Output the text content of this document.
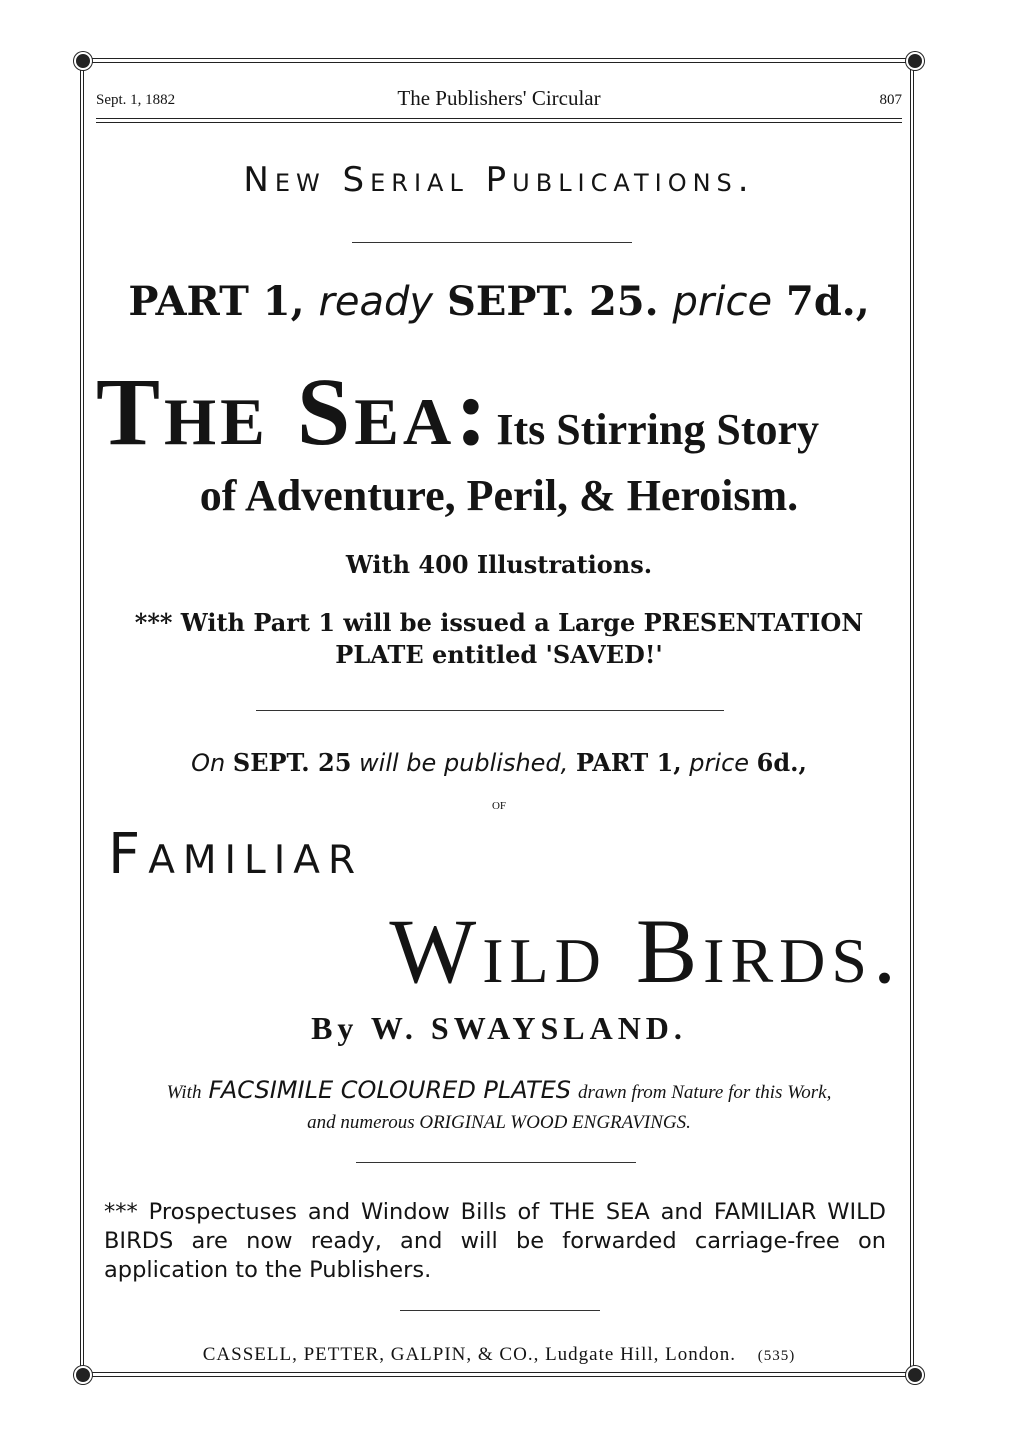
Sept. 1, 1882	The Publishers' Circular	807
New Serial Publications.
PART 1, ready SEPT. 25. price 7d.,
The Sea: Its Stirring Story
of Adventure, Peril, & Heroism.
With 400 Illustrations.
*** With Part 1 will be issued a Large PRESENTATION
PLATE entitled 'SAVED!'
On SEPT. 25 will be published, PART 1, price 6d.,
OF
Familiar
Wild Birds.
By W. SWAYSLAND.
With FACSIMILE COLOURED PLATES drawn from Nature for this Work,
and numerous ORIGINAL WOOD ENGRAVINGS.
*** Prospectuses and Window Bills of THE SEA and FAMILIAR WILD BIRDS are now ready, and will be forwarded carriage-free on application to the Publishers.
CASSELL, PETTER, GALPIN, & CO., Ludgate Hill, London. (535)
